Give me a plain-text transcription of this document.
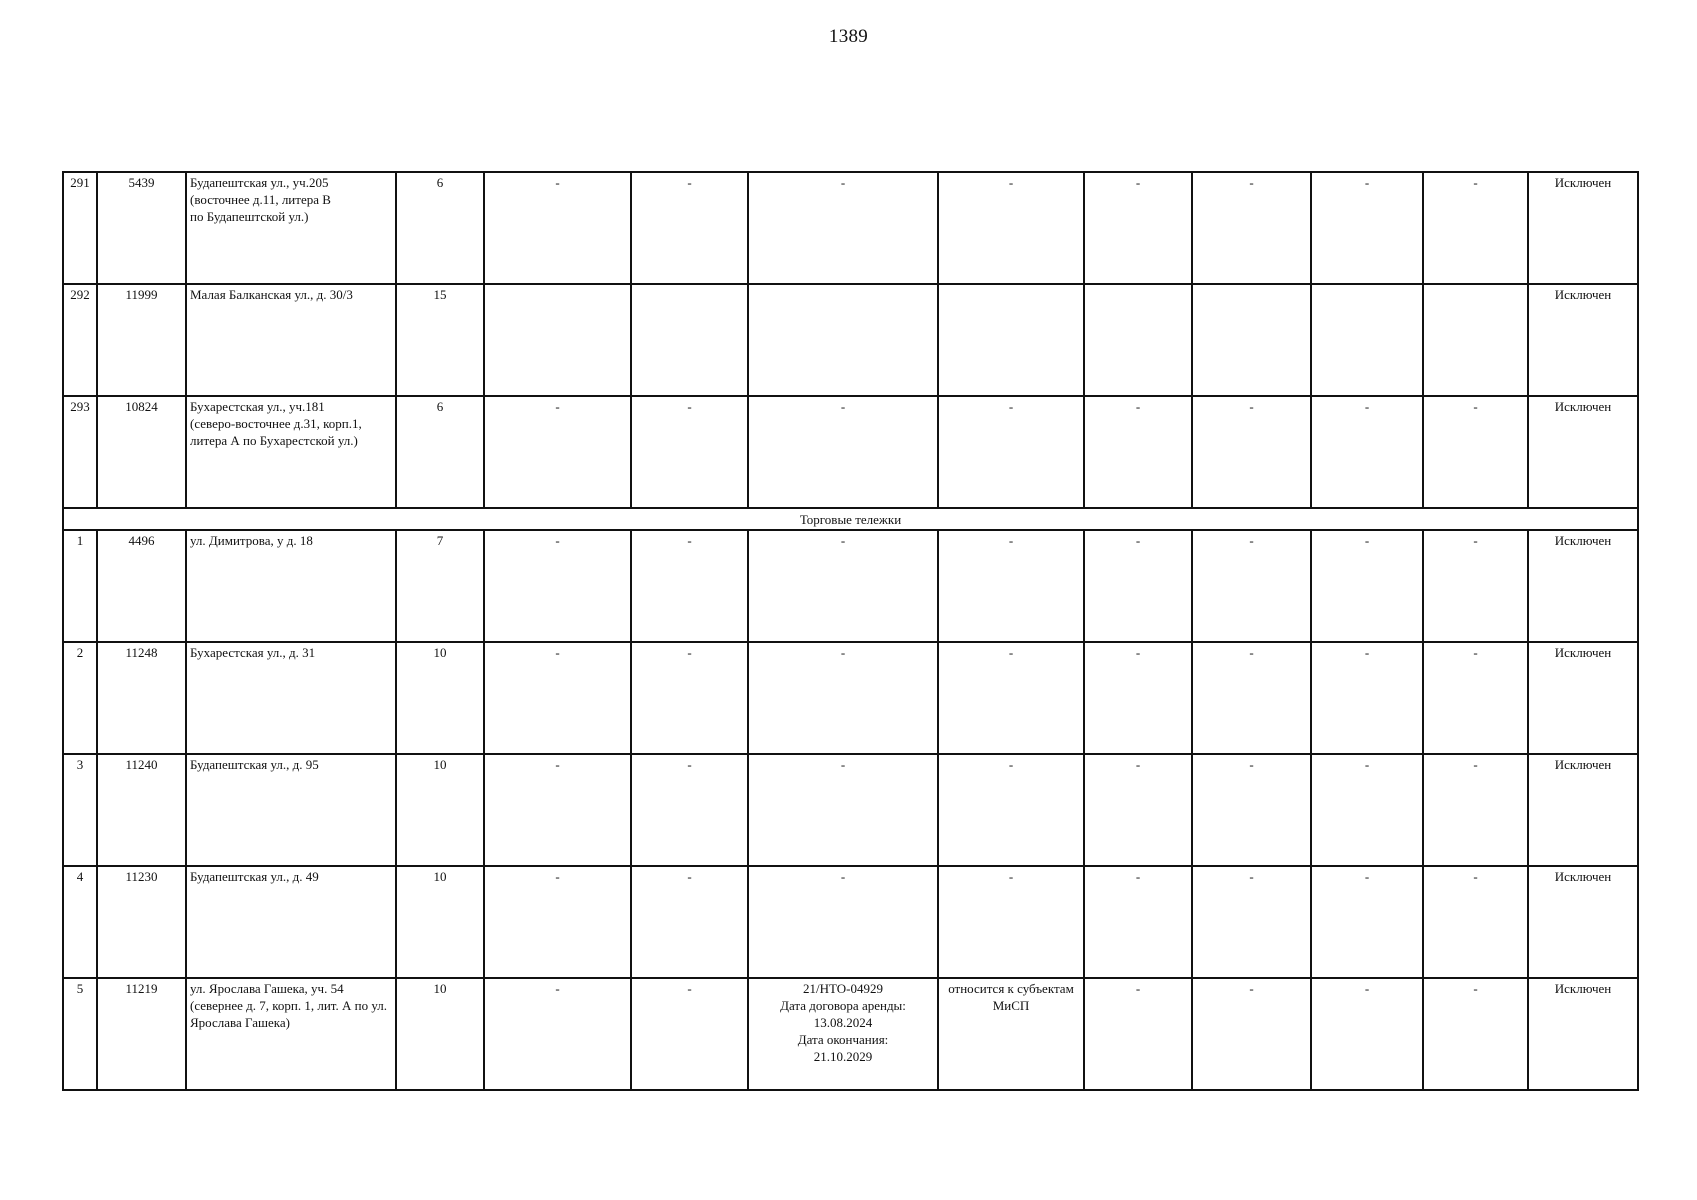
1389
291	5439	Будапештская ул., уч.205
(восточнее д.11, литера В
по Будапештской ул.)	6	-	-	-	-	-	-	-	-	Исключен
292	11999	Малая Балканская ул., д. 30/3	15									Исключен
293	10824	Бухарестская ул., уч.181
(северо-восточнее д.31, корп.1,
литера А по Бухарестской ул.)	6	-	-	-	-	-	-	-	-	Исключен
Торговые тележки												
1	4496	ул. Димитрова, у д. 18	7	-	-	-	-	-	-	-	-	Исключен
2	11248	Бухарестская ул., д. 31	10	-	-	-	-	-	-	-	-	Исключен
3	11240	Будапештская ул., д. 95	10	-	-	-	-	-	-	-	-	Исключен
4	11230	Будапештская ул., д. 49	10	-	-	-	-	-	-	-	-	Исключен
5	11219	ул. Ярослава Гашека, уч. 54
(севернее д. 7, корп. 1, лит. А по ул.
Ярослава Гашека)	10	-	-	21/НТО-04929
Дата договора аренды:
13.08.2024
Дата окончания:
21.10.2029	относится к субъектам
МиСП	-	-	-	-	Исключен
